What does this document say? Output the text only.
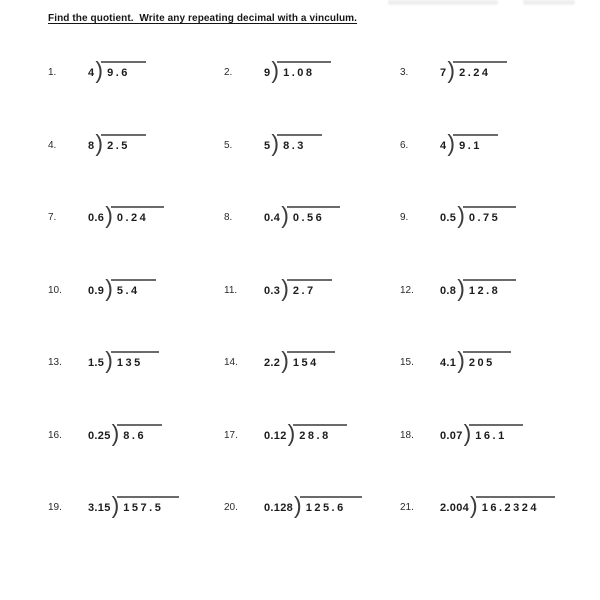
Find the quotient.  Write any repeating decimal with a vinculum.
1.	4 ) 9.6	2.	9 ) 1.08	3.	7 ) 2.24
4.	8 ) 2.5	5.	5 ) 8.3	6.	4 ) 9.1
7.	0.6 ) 0.24	8.	0.4 ) 0.56	9.	0.5 ) 0.75
10.	0.9 ) 5.4	11.	0.3 ) 2.7	12.	0.8 ) 12.8
13.	1.5 ) 135	14.	2.2 ) 154	15.	4.1 ) 205
16.	0.25 ) 8.6	17.	0.12 ) 28.8	18.	0.07 ) 16.1
19.	3.15 ) 157.5	20.	0.128 ) 125.6	21.	2.004 ) 16.2324
